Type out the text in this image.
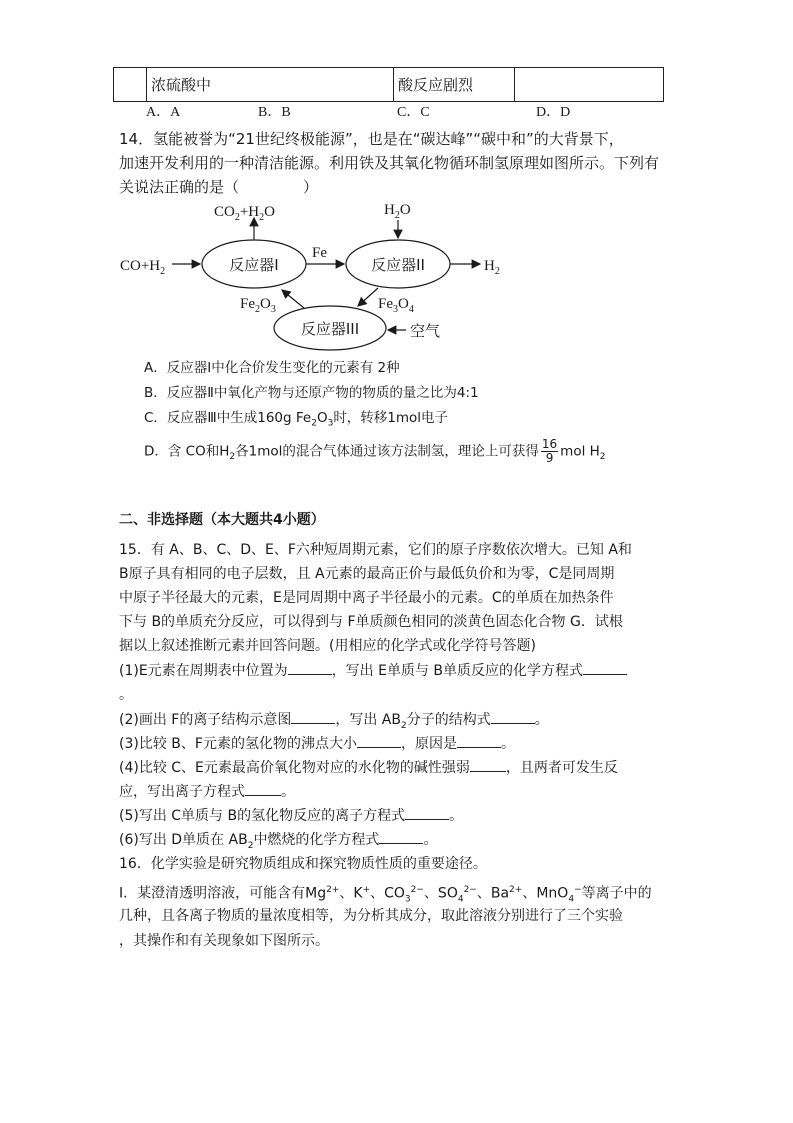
	浓硫酸中	酸反应剧烈	
A．A	B．B	C．C	D．D
14．氢能被誉为“21世纪终极能源”，也是在“碳达峰”“碳中和”的大背景下，
加速开发利用的一种清洁能源。利用铁及其氧化物循环制氢原理如图所示。下列有
关说法正确的是（	）
反应器I	反应器II
反应器III
$CO+H_2$
$CO_2+H_2O$
Fe
$H_2O$
$H_2$
$Fe_3O_4$
$Fe_2O_3$
空气
A．反应器Ⅰ中化合价发生变化的元素有 2种
B．反应器Ⅱ中氧化产物与还原产物的物质的量之比为4:1
C．反应器Ⅲ中生成160g $Fe_2O_3$时，转移1mol电子
D．含 CO和$H_2$各1mol的混合气体通过该方法制氢，理论上可获得 $\frac{16}{9}$ mol $H_2$
二、非选择题（本大题共4小题）
15．有 A、B、C、D、E、F六种短周期元素，它们的原子序数依次增大。已知 A和
B原子具有相同的电子层数，且 A元素的最高正价与最低负价和为零，C是同周期
中原子半径最大的元素，E是同周期中离子半径最小的元素。C的单质在加热条件
下与 B的单质充分反应，可以得到与 F单质颜色相同的淡黄色固态化合物 G．试根
据以上叙述推断元素并回答问题。(用相应的化学式或化学符号答题)
(1)E元素在周期表中位置为	，写出 E单质与 B单质反应的化学方程式
。
(2)画出 F的离子结构示意图	，写出 $AB_2$分子的结构式	。
(3)比较 B、F元素的氢化物的沸点大小	，原因是	。
(4)比较 C、E元素最高价氧化物对应的水化物的碱性强弱	，且两者可发生反
应，写出离子方程式	。
(5)写出 C单质与 B的氢化物反应的离子方程式	。
(6)写出 D单质在 $AB_2$中燃烧的化学方程式	。
16．化学实验是研究物质组成和探究物质性质的重要途径。
Ⅰ．某澄清透明溶液，可能含有$Mg^{2+}$、K+、$CO_3^{2-}$、$SO_4^{2-}$、$Ba^{2+}$、MnO$_4$−等离子中的
几种，且各离子物质的量浓度相等，为分析其成分，取此溶液分别进行了三个实验
，其操作和有关现象如下图所示。
